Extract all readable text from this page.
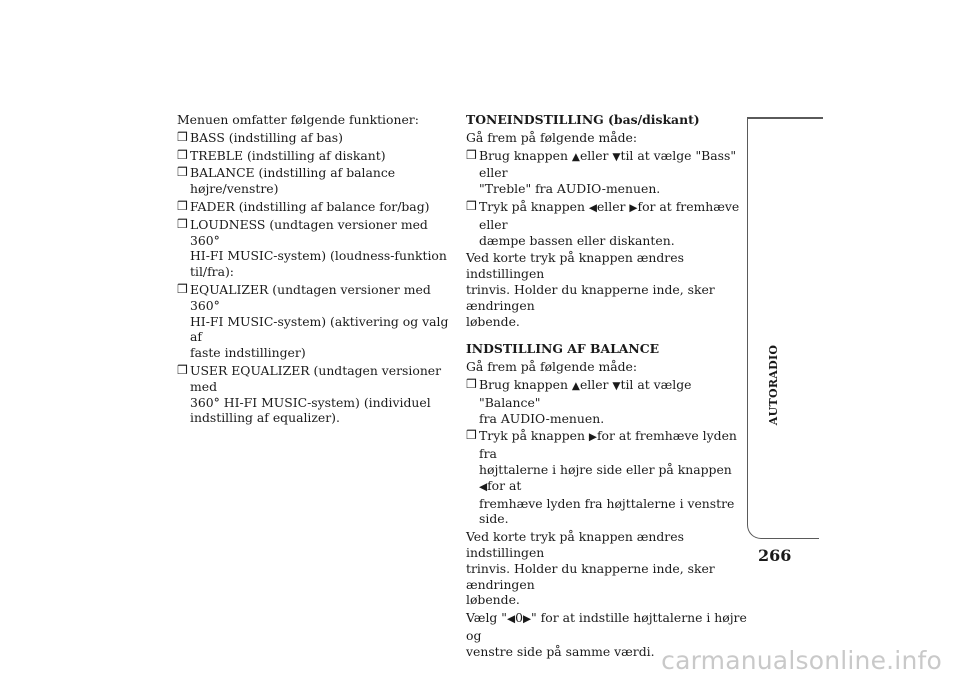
Menuen omfatter følgende funktioner:
❒ BASS (indstilling af bas)
❒ TREBLE (indstilling af diskant)
❒ BALANCE (indstilling af balance højre/venstre)
❒ FADER (indstilling af balance for/bag)
❒ LOUDNESS (undtagen versioner med 360°
HI-FI MUSIC-system) (loudness-funktion
til/fra):
❒ EQUALIZER (undtagen versioner med 360°
HI-FI MUSIC-system) (aktivering og valg af
faste indstillinger)
❒ USER EQUALIZER (undtagen versioner med
360° HI-FI MUSIC-system) (individuel
indstilling af equalizer).
TONEINDSTILLING (bas/diskant)
Gå frem på følgende måde:
❒ Brug knappen ▲eller ▼til at vælge "Bass" eller
"Treble" fra AUDIO-menuen.
❒ Tryk på knappen ◀eller ▶for at fremhæve eller
dæmpe bassen eller diskanten.
Ved korte tryk på knappen ændres indstillingen
trinvis. Holder du knapperne inde, sker ændringen
løbende.
INDSTILLING AF BALANCE
Gå frem på følgende måde:
❒ Brug knappen ▲eller ▼til at vælge "Balance"
fra AUDIO-menuen.
❒ Tryk på knappen ▶for at fremhæve lyden fra
højttalerne i højre side eller på knappen ◀for at
fremhæve lyden fra højttalerne i venstre side.
Ved korte tryk på knappen ændres indstillingen
trinvis. Holder du knapperne inde, sker ændringen
løbende.
Vælg "◀0▶" for at indstille højttalerne i højre og
venstre side på samme værdi.
AUTORADIO
266
carmanualsonline.info
